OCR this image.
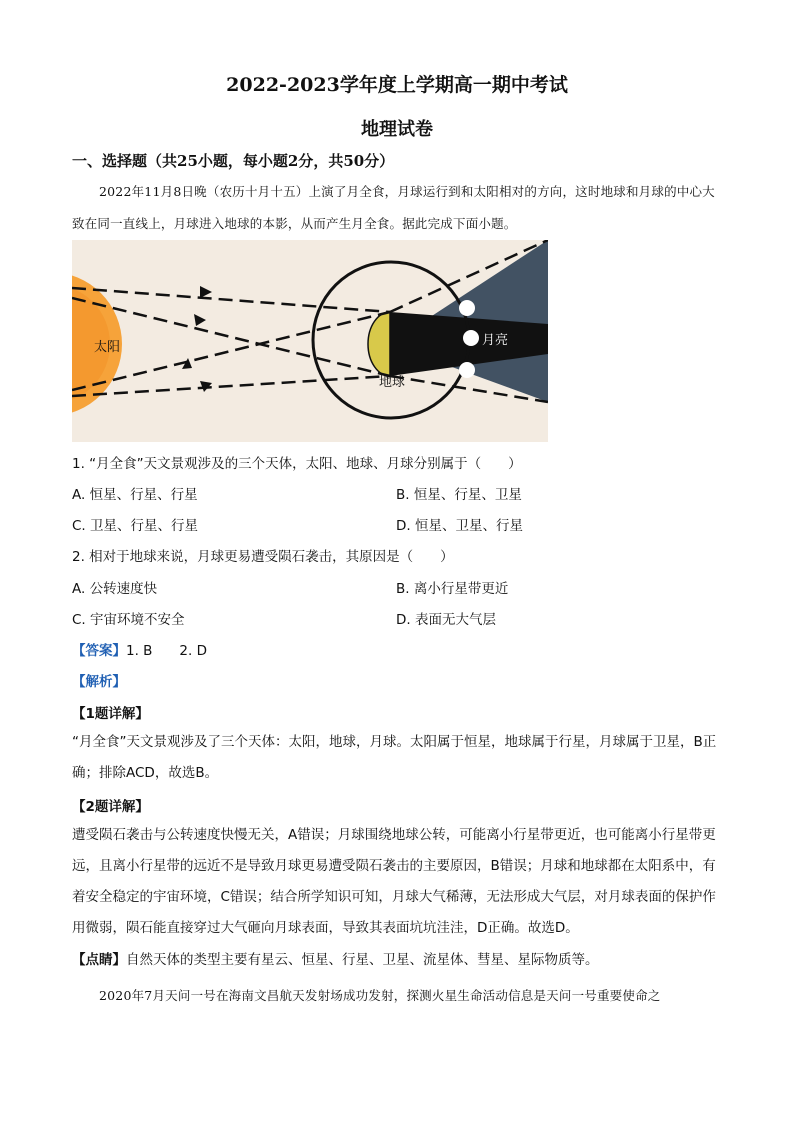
2022-2023学年度上学期高一期中考试
地理试卷
一、选择题（共25小题，每小题2分，共50分）
2022年11月8日晚（农历十月十五）上演了月全食，月球运行到和太阳相对的方向，这时地球和月球的中心大致在同一直线上，月球进入地球的本影，从而产生月全食。据此完成下面小题。
太阳
地球
月亮
1. “月全食”天文景观涉及的三个天体，太阳、地球、月球分别属于（　　）
A. 恒星、行星、行星	B. 恒星、行星、卫星
C. 卫星、行星、行星	D. 恒星、卫星、行星
2. 相对于地球来说，月球更易遭受陨石袭击，其原因是（　　）
A. 公转速度快	B. 离小行星带更近
C. 宇宙环境不安全	D. 表面无大气层
【答案】1. B　　2. D
【解析】
【1题详解】
“月全食”天文景观涉及了三个天体：太阳，地球，月球。太阳属于恒星，地球属于行星，月球属于卫星，B正确；排除ACD，故选B。
【2题详解】
遭受陨石袭击与公转速度快慢无关，A错误；月球围绕地球公转，可能离小行星带更近，也可能离小行星带更远，且离小行星带的远近不是导致月球更易遭受陨石袭击的主要原因，B错误；月球和地球都在太阳系中，有着安全稳定的宇宙环境，C错误；结合所学知识可知，月球大气稀薄，无法形成大气层，对月球表面的保护作用微弱，陨石能直接穿过大气砸向月球表面，导致其表面坑坑洼洼，D正确。故选D。
【点睛】自然天体的类型主要有星云、恒星、行星、卫星、流星体、彗星、星际物质等。
2020年7月天问一号在海南文昌航天发射场成功发射，探测火星生命活动信息是天问一号重要使命之
